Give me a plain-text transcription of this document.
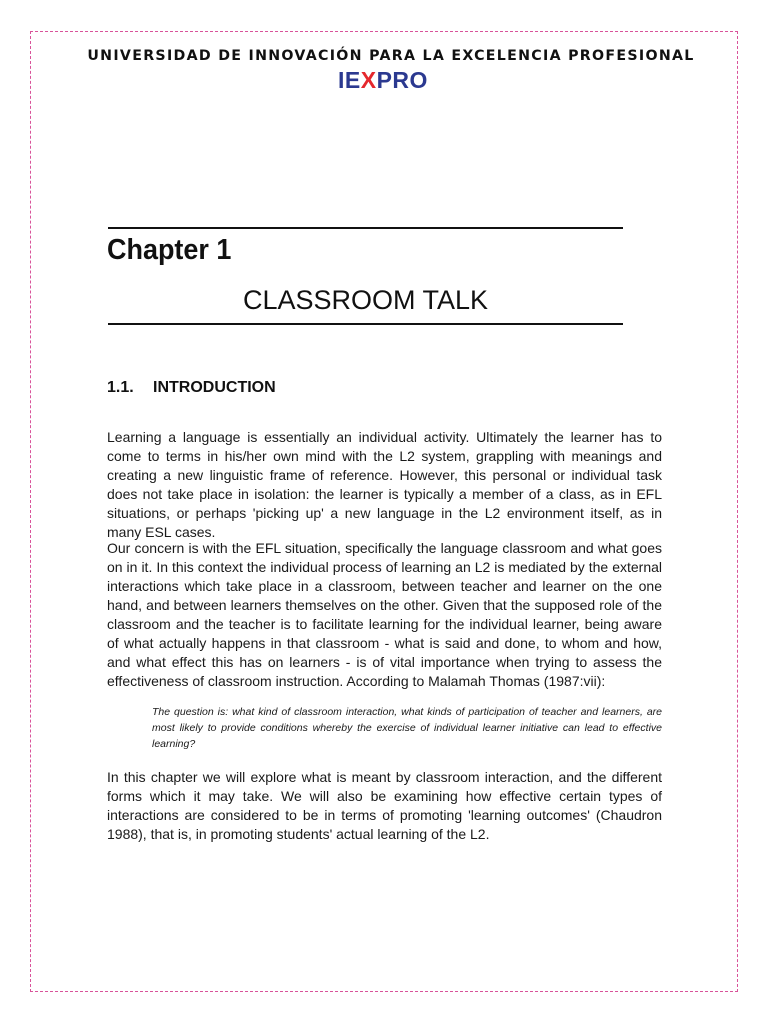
UNIVERSIDAD DE INNOVACIÓN PARA LA EXCELENCIA PROFESIONAL
IEXPRO
Chapter 1
CLASSROOM TALK
1.1. INTRODUCTION

Learning a language is essentially an individual activity. Ultimately the learner has to come to terms in his/her own mind with the L2 system, grappling with meanings and creating a new linguistic frame of reference. However, this personal or individual task does not take place in isolation: the learner is typically a member of a class, as in EFL situations, or perhaps 'picking up' a new language in the L2 environment itself, as in many ESL cases.

Our concern is with the EFL situation, specifically the language classroom and what goes on in it. In this context the individual process of learning an L2 is mediated by the external interactions which take place in a classroom, between teacher and learner on the one hand, and between learners themselves on the other. Given that the supposed role of the classroom and the teacher is to facilitate learning for the individual learner, being aware of what actually happens in that classroom - what is said and done, to whom and how, and what effect this has on learners - is of vital importance when trying to assess the effectiveness of classroom instruction. According to Malamah Thomas (1987:vii):

The question is: what kind of classroom interaction, what kinds of participation of teacher and learners, are most likely to provide conditions whereby the exercise of individual learner initiative can lead to effective learning?

In this chapter we will explore what is meant by classroom interaction, and the different forms which it may take. We will also be examining how effective certain types of interactions are considered to be in terms of promoting 'learning outcomes' (Chaudron 1988), that is, in promoting students' actual learning of the L2.
